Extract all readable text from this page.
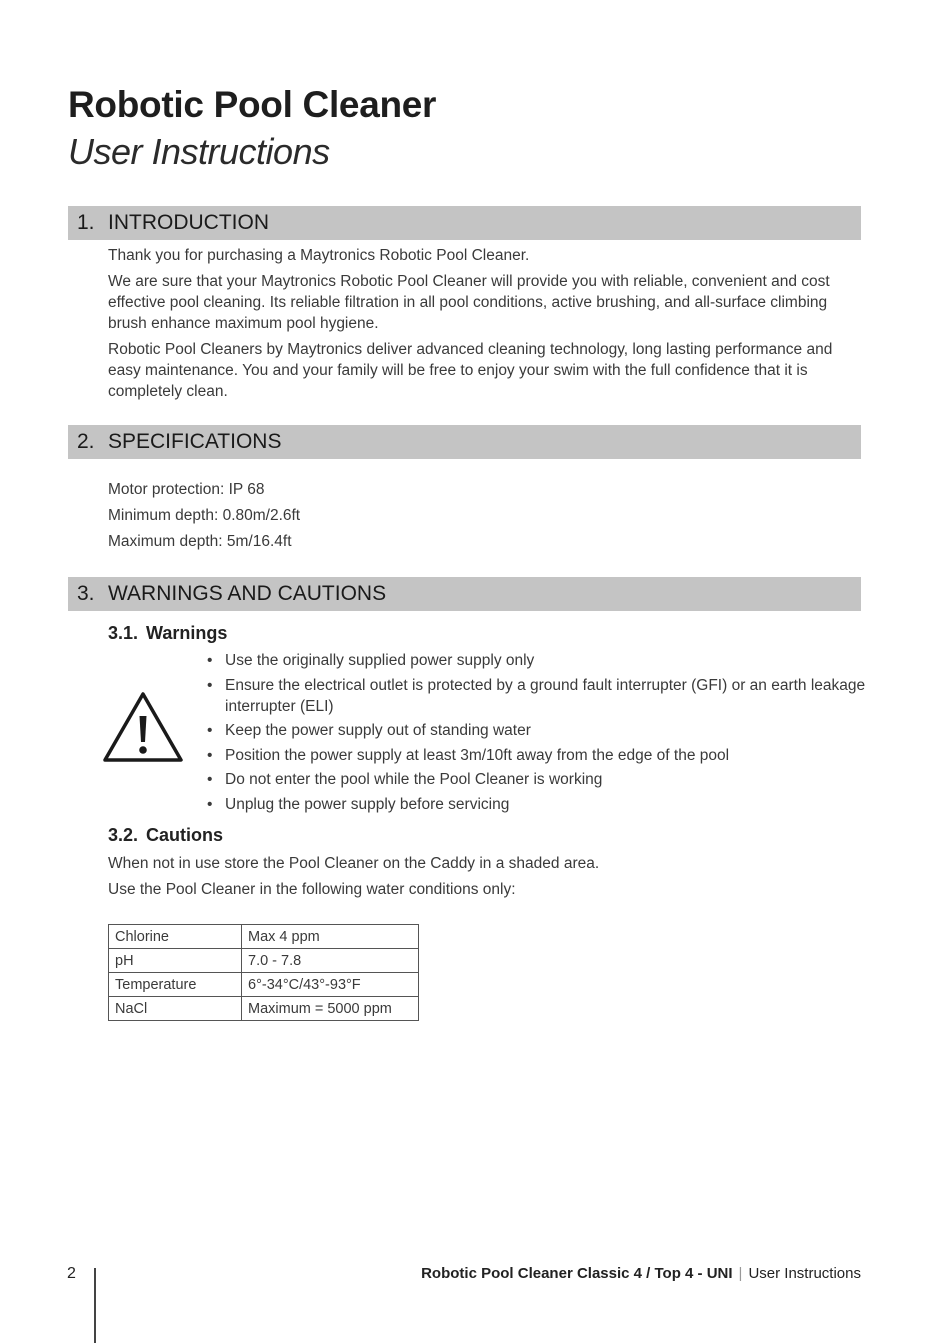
Robotic Pool Cleaner
User Instructions
1. INTRODUCTION

Thank you for purchasing a Maytronics Robotic Pool Cleaner.

We are sure that your Maytronics Robotic Pool Cleaner will provide you with reliable, convenient and cost effective pool cleaning. Its reliable filtration in all pool conditions, active brushing, and all-surface climbing brush enhance maximum pool hygiene.

Robotic Pool Cleaners by Maytronics deliver advanced cleaning technology, long lasting performance and easy maintenance. You and your family will be free to enjoy your swim with the full confidence that it is completely clean.

2. SPECIFICATIONS
Motor protection: IP 68
Minimum depth: 0.80m/2.6ft
Maximum depth: 5m/16.4ft
3. WARNINGS AND CAUTIONS
3.1. Warnings
• Use the originally supplied power supply only
• Ensure the electrical outlet is protected by a ground fault interrupter (GFI) or an earth leakage interrupter (ELI)
• Keep the power supply out of standing water
• Position the power supply at least 3m/10ft away from the edge of the pool
• Do not enter the pool while the Pool Cleaner is working
• Unplug the power supply before servicing
3.2. Cautions
When not in use store the Pool Cleaner on the Caddy in a shaded area.
Use the Pool Cleaner in the following water conditions only:
Chlorine	Max 4 ppm
pH	7.0 - 7.8
Temperature	6°-34°C/43°-93°F
NaCl	Maximum = 5000 ppm
2	Robotic Pool Cleaner Classic 4 / Top 4 - UNI | User Instructions
